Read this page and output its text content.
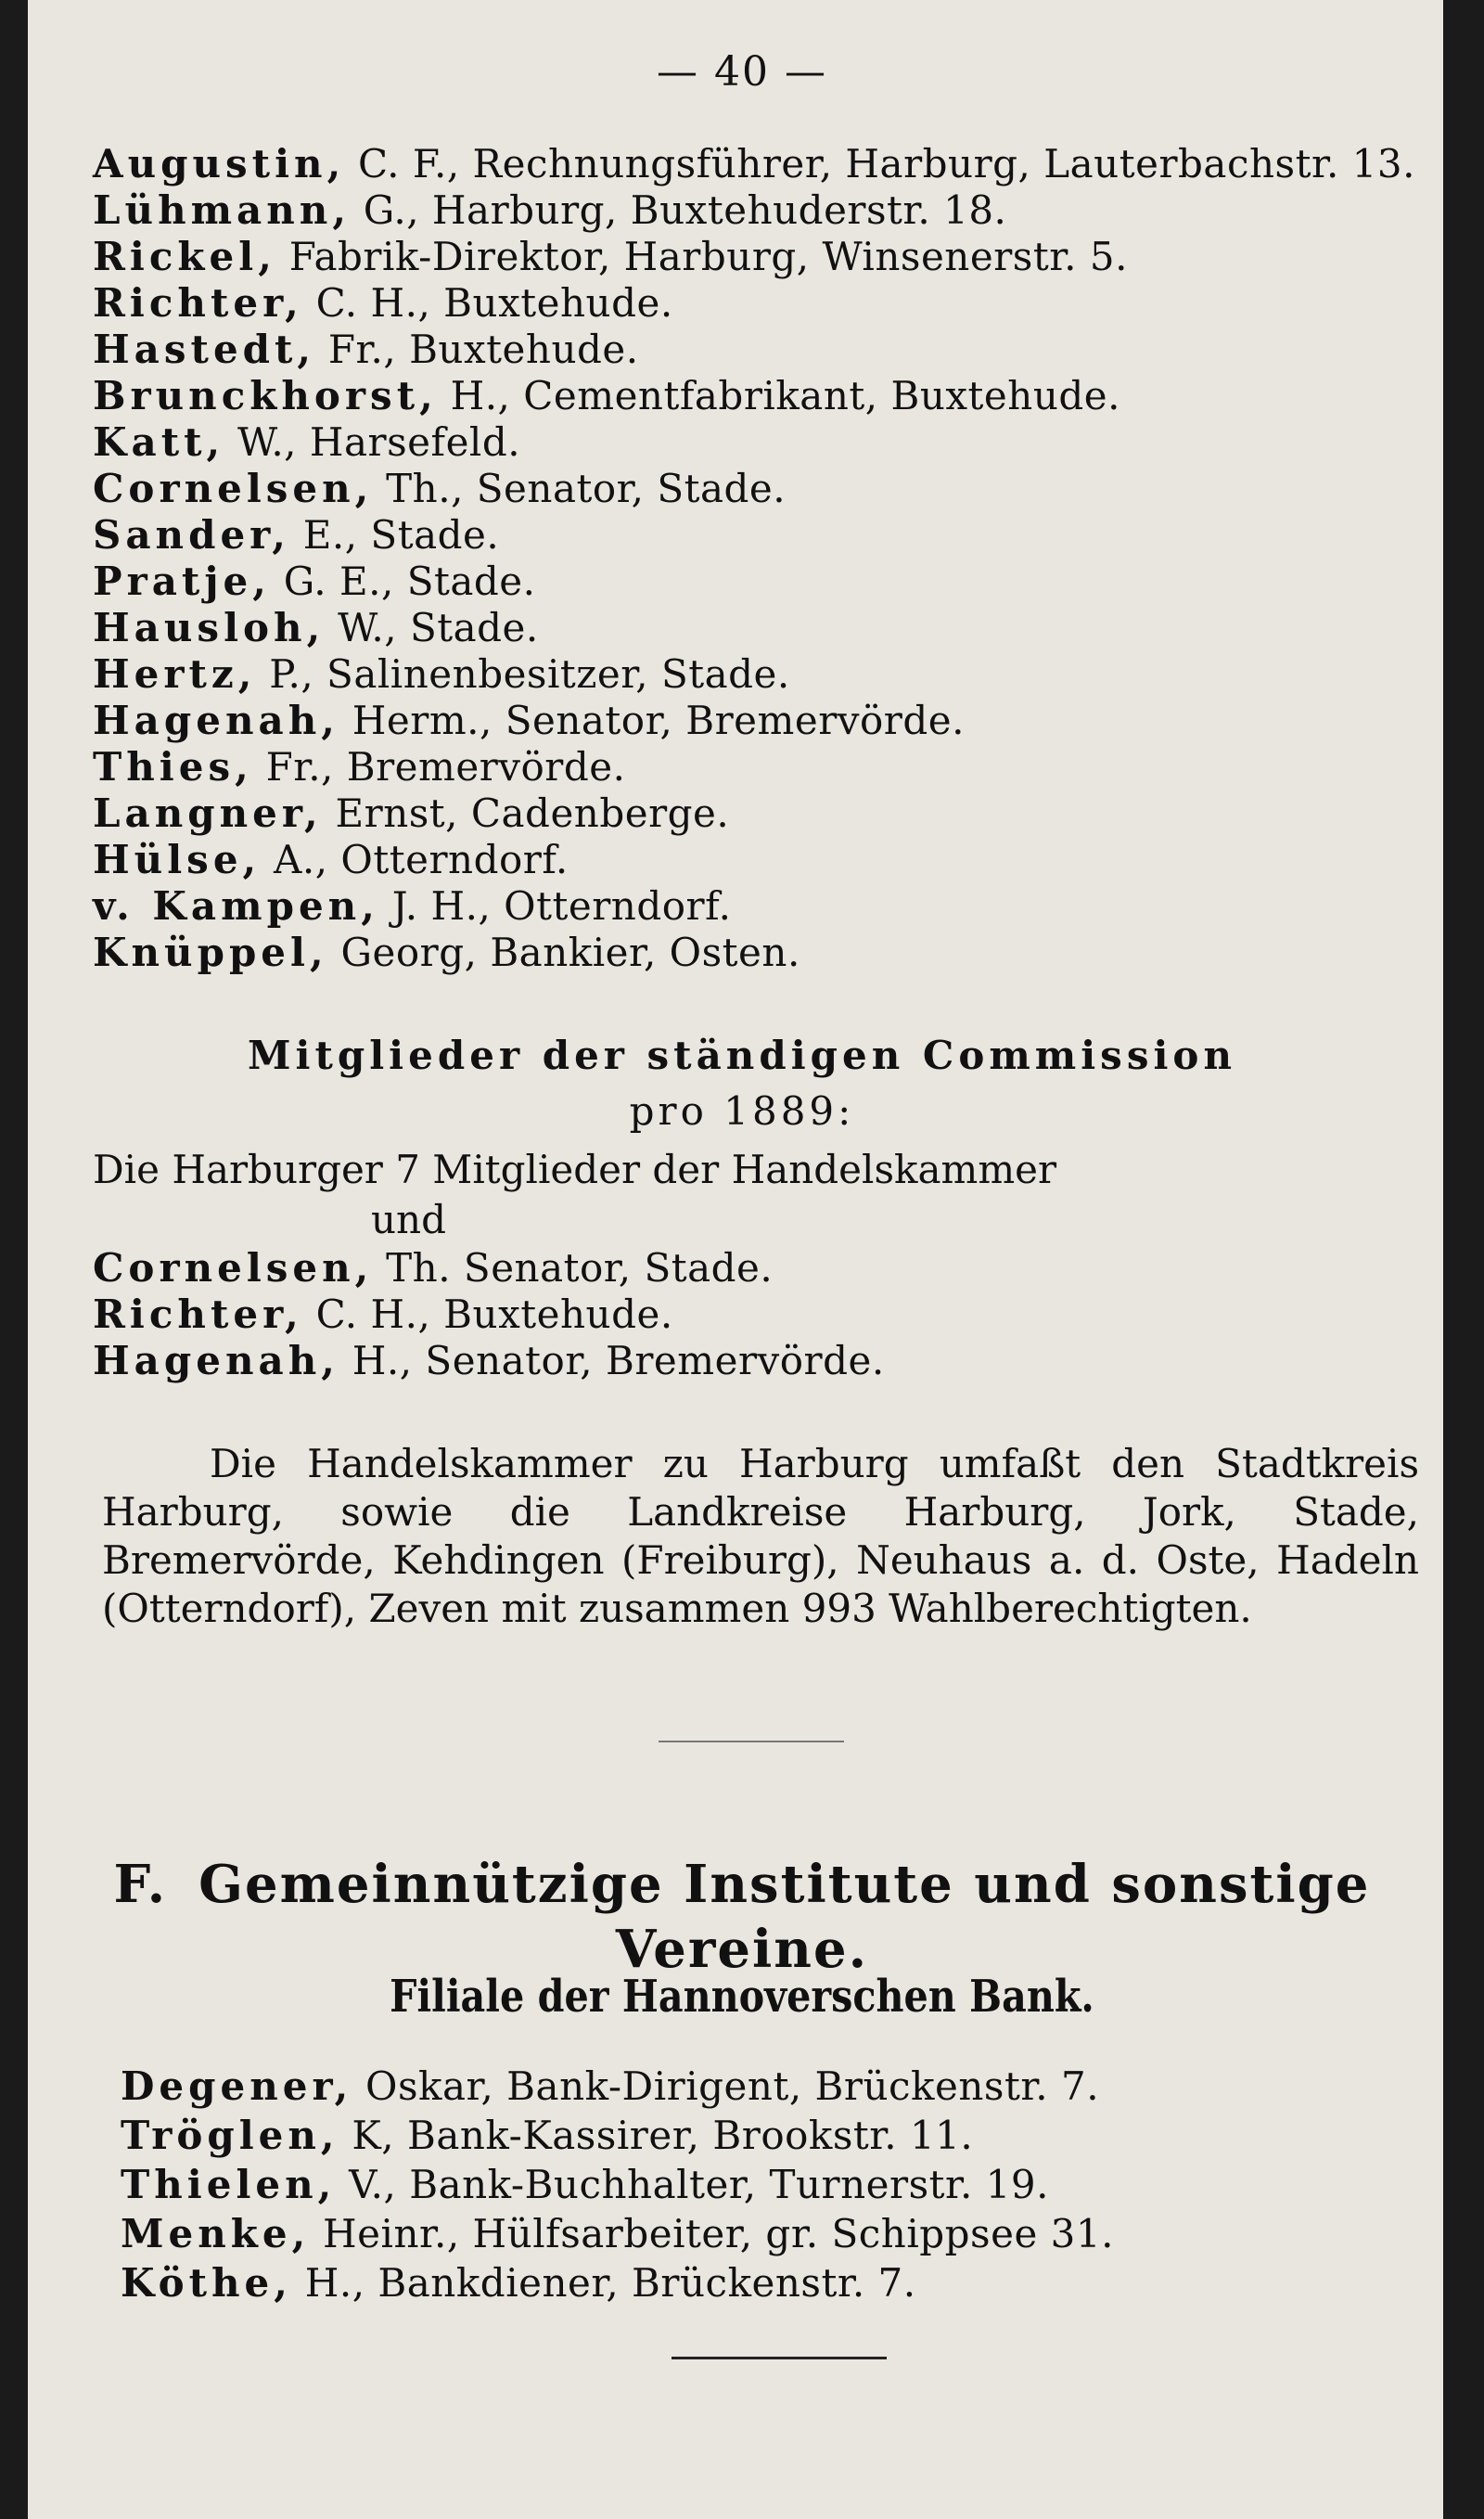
— 40 —
Augustin, C. F., Rechnungsführer, Harburg, Lauterbachstr. 13.
Lühmann, G., Harburg, Buxtehuderstr. 18.
Rickel, Fabrik-Direktor, Harburg, Winsenerstr. 5.
Richter, C. H., Buxtehude.
Hastedt, Fr., Buxtehude.
Brunckhorst, H., Cementfabrikant, Buxtehude.
Katt, W., Harsefeld.
Cornelsen, Th., Senator, Stade.
Sander, E., Stade.
Pratje, G. E., Stade.
Hausloh, W., Stade.
Hertz, P., Salinenbesitzer, Stade.
Hagenah, Herm., Senator, Bremervörde.
Thies, Fr., Bremervörde.
Langner, Ernst, Cadenberge.
Hülse, A., Otterndorf.
v. Kampen, J. H., Otterndorf.
Knüppel, Georg, Bankier, Osten.
Mitglieder der ständigen Commission
pro 1889:
Die Harburger 7 Mitglieder der Handelskammer
und
Cornelsen, Th. Senator, Stade.
Richter, C. H., Buxtehude.
Hagenah, H., Senator, Bremervörde.

Die Handelskammer zu Harburg umfaßt den Stadtkreis Harburg, sowie die Landkreise Harburg, Jork, Stade, Bremervörde, Kehdingen (Freiburg), Neuhaus a. d. Oste, Hadeln (Otterndorf), Zeven mit zusammen 993 Wahlberechtigten.

F. Gemeinnützige Institute und sonstige Vereine.
Filiale der Hannoverschen Bank.
Degener, Oskar, Bank-Dirigent, Brückenstr. 7.
Tröglen, K, Bank-Kassirer, Brookstr. 11.
Thielen, V., Bank-Buchhalter, Turnerstr. 19.
Menke, Heinr., Hülfsarbeiter, gr. Schippsee 31.
Köthe, H., Bankdiener, Brückenstr. 7.
